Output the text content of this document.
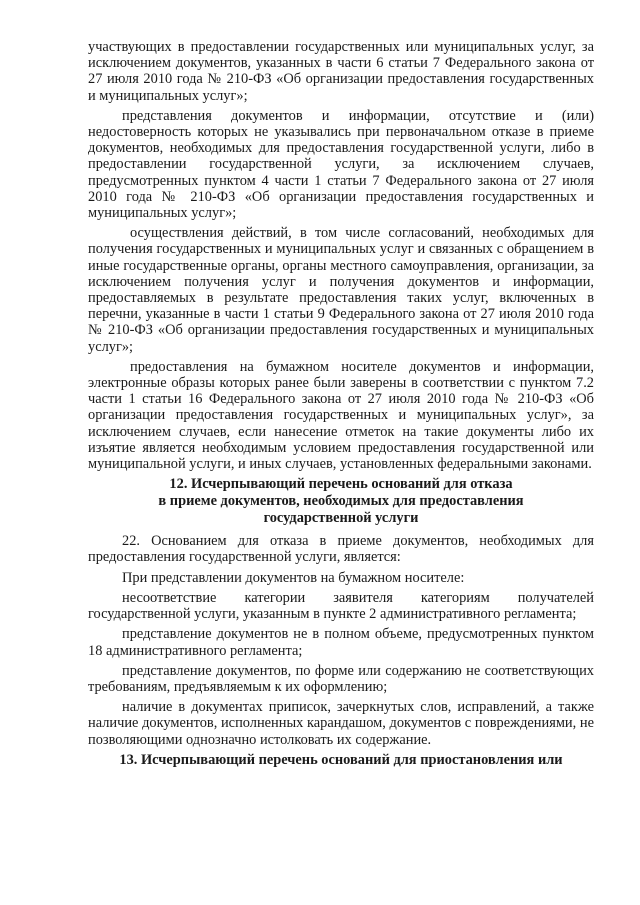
участвующих в предоставлении государственных или муниципальных услуг, за исключением документов, указанных в части 6 статьи 7 Федерального закона от 27 июля 2010 года № 210-ФЗ «Об организации предоставления государственных и муниципальных услуг»;

представления документов и информации, отсутствие и (или) недостоверность которых не указывались при первоначальном отказе в приеме документов, необходимых для предоставления государственной услуги, либо в предоставлении государственной услуги, за исключением случаев, предусмотренных пунктом 4 части 1 статьи 7 Федерального закона от 27 июля 2010 года № 210-ФЗ «Об организации предоставления государственных и муниципальных услуг»;

осуществления действий, в том числе согласований, необходимых для получения государственных и муниципальных услуг и связанных с обращением в иные государственные органы, органы местного самоуправления, организации, за исключением получения услуг и получения документов и информации, предоставляемых в результате предоставления таких услуг, включенных в перечни, указанные в части 1 статьи 9 Федерального закона от 27 июля 2010 года № 210-ФЗ «Об организации предоставления государственных и муниципальных услуг»;

предоставления на бумажном носителе документов и информации, электронные образы которых ранее были заверены в соответствии с пунктом 7.2 части 1 статьи 16 Федерального закона от 27 июля 2010 года № 210-ФЗ «Об организации предоставления государственных и муниципальных услуг», за исключением случаев, если нанесение отметок на такие документы либо их изъятие является необходимым условием предоставления государственной или муниципальной услуги, и иных случаев, установленных федеральными законами.

12. Исчерпывающий перечень оснований для отказа
в приеме документов, необходимых для предоставления
государственной услуги

22. Основанием для отказа в приеме документов, необходимых для предоставления государственной услуги, является:

При представлении документов на бумажном носителе:

несоответствие категории заявителя категориям получателей государственной услуги, указанным в пункте 2 административного регламента;

представление документов не в полном объеме, предусмотренных пунктом 18 административного регламента;

представление документов, по форме или содержанию не соответствующих требованиям, предъявляемым к их оформлению;

наличие в документах приписок, зачеркнутых слов, исправлений, а также наличие документов, исполненных карандашом, документов с повреждениями, не позволяющими однозначно истолковать их содержание.

13. Исчерпывающий перечень оснований для приостановления или
